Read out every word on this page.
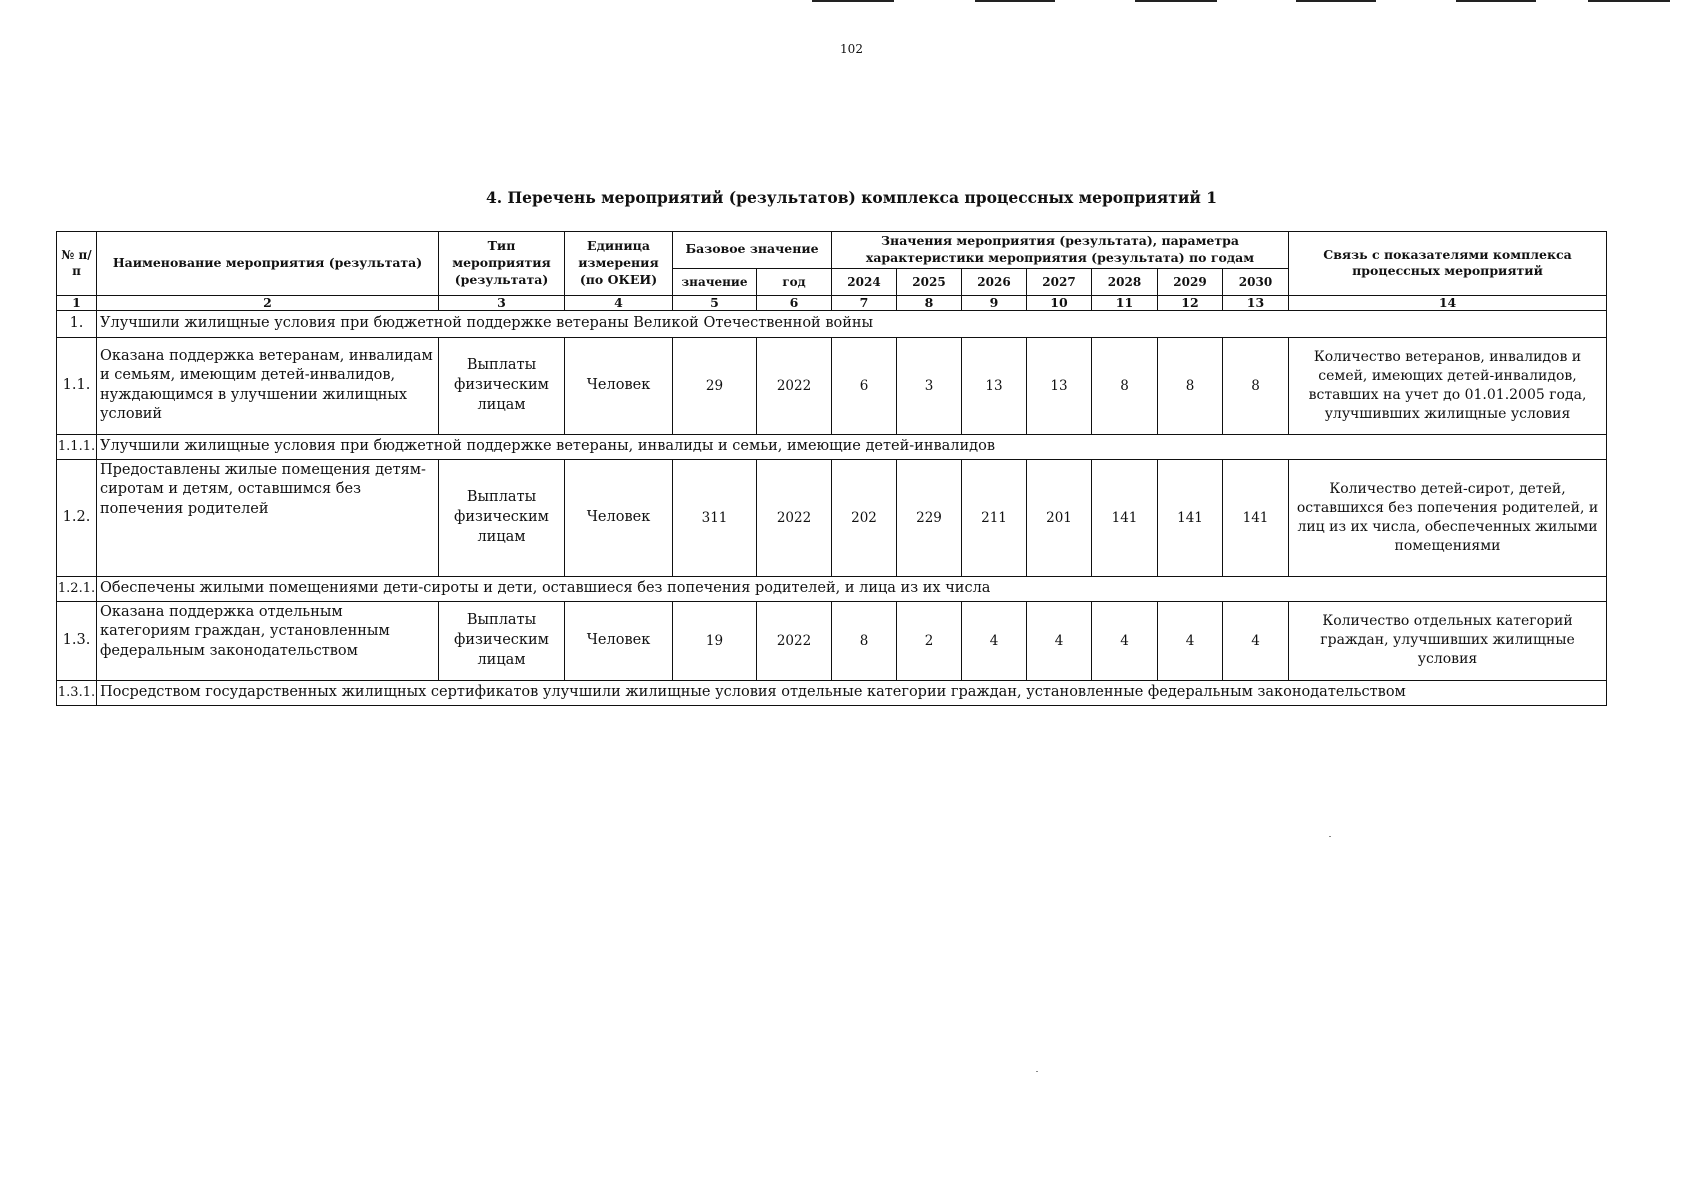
102
4. Перечень мероприятий (результатов) комплекса процессных мероприятий 1
№ п/п	Наименование мероприятия (результата)	Тип мероприятия (результата)	Единица измерения (по ОКЕИ)	Базовое значение		Значения мероприятия (результата), параметра характеристики мероприятия (результата) по годам							Связь с показателями комплекса процессных мероприятий
				значение	год	2024	2025	2026	2027	2028	2029	2030	
1	2	3	4	5	6	7	8	9	10	11	12	13	14
1.	Улучшили жилищные условия при бюджетной поддержке ветераны Великой Отечественной войны												
1.1.	Оказана поддержка ветеранам, инвалидам и семьям, имеющим детей-инвалидов, нуждающимся в улучшении жилищных условий	Выплаты физическим лицам	Человек	29	2022	6	3	13	13	8	8	8	Количество ветеранов, инвалидов и семей, имеющих детей-инвалидов, вставших на учет до 01.01.2005 года, улучшивших жилищные условия
1.1.1.	Улучшили жилищные условия при бюджетной поддержке ветераны, инвалиды и семьи, имеющие детей-инвалидов												
1.2.	Предоставлены жилые помещения детям-сиротам и детям, оставшимся без попечения родителей	Выплаты физическим лицам	Человек	311	2022	202	229	211	201	141	141	141	Количество детей-сирот, детей, оставшихся без попечения родителей, и лиц из их числа, обеспеченных жилыми помещениями
1.2.1.	Обеспечены жилыми помещениями дети-сироты и дети, оставшиеся без попечения родителей, и лица из их числа												
1.3.	Оказана поддержка отдельным категориям граждан, установленным федеральным законодательством	Выплаты физическим лицам	Человек	19	2022	8	2	4	4	4	4	4	Количество отдельных категорий граждан, улучшивших жилищные условия
1.3.1.	Посредством государственных жилищных сертификатов улучшили жилищные условия отдельные категории граждан, установленные федеральным законодательством												
